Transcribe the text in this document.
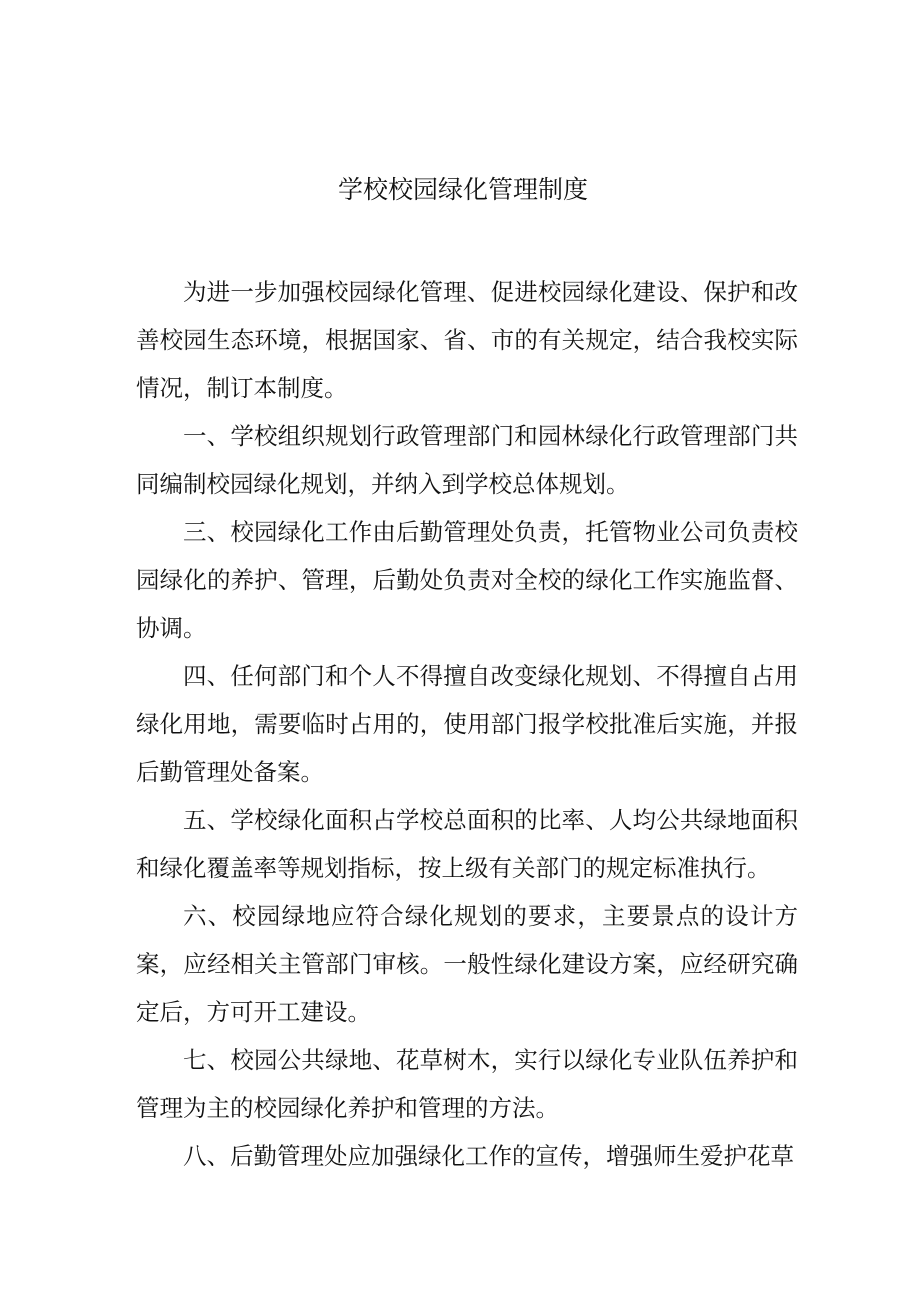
学校校园绿化管理制度

为进一步加强校园绿化管理、促进校园绿化建设、保护和改善校园生态环境，根据国家、省、市的有关规定，结合我校实际情况，制订本制度。

一、学校组织规划行政管理部门和园林绿化行政管理部门共同编制校园绿化规划，并纳入到学校总体规划。

三、校园绿化工作由后勤管理处负责，托管物业公司负责校园绿化的养护、管理，后勤处负责对全校的绿化工作实施监督、协调。

四、任何部门和个人不得擅自改变绿化规划、不得擅自占用绿化用地，需要临时占用的，使用部门报学校批准后实施，并报后勤管理处备案。

五、学校绿化面积占学校总面积的比率、人均公共绿地面积和绿化覆盖率等规划指标，按上级有关部门的规定标准执行。

六、校园绿地应符合绿化规划的要求，主要景点的设计方案，应经相关主管部门审核。一般性绿化建设方案，应经研究确定后，方可开工建设。

七、校园公共绿地、花草树木，实行以绿化专业队伍养护和管理为主的校园绿化养护和管理的方法。

八、后勤管理处应加强绿化工作的宣传，增强师生爱护花草
